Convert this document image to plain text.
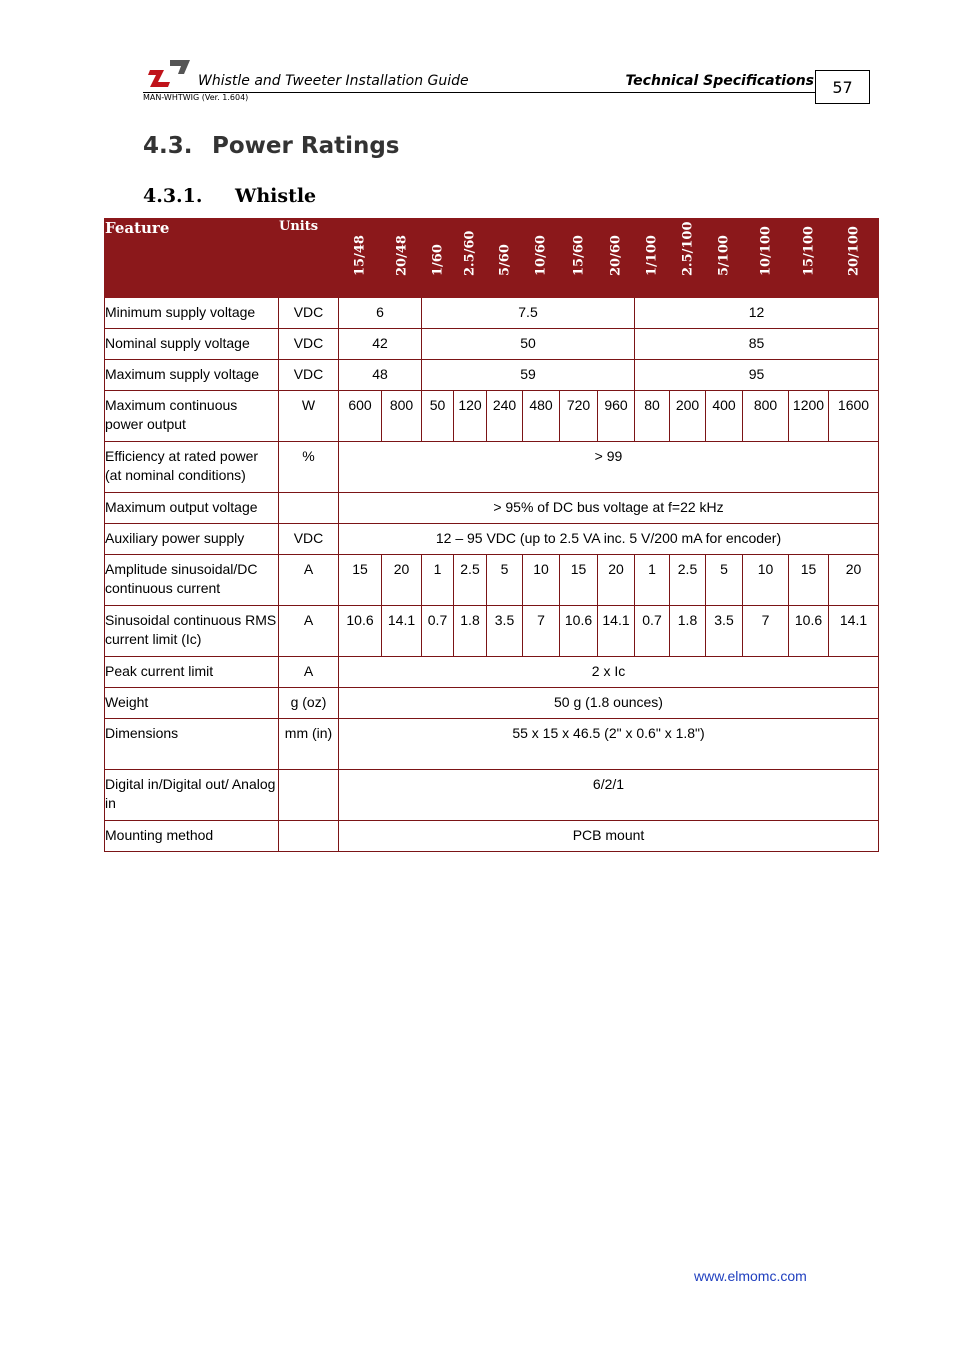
Whistle and Tweeter Installation Guide	Technical Specifications	57
MAN-WHTWIG (Ver. 1.604)
4.3. Power Ratings
4.3.1. Whistle
Feature	Units	15/48	20/48	1/60	2.5/60	5/60	10/60	15/60	20/60	1/100	2.5/100	5/100	10/100	15/100	20/100

Minimum supply voltage	VDC	6		7.5						12					
Nominal supply voltage	VDC	42		50						85					
Maximum supply voltage	VDC	48		59						95					
Maximum continuous power output	W	600	800	50	120	240	480	720	960	80	200	400	800	1200	1600
Efficiency at rated power (at nominal conditions)	%	> 99													
Maximum output voltage		> 95% of DC bus voltage at f=22 kHz													
Auxiliary power supply	VDC	12 – 95 VDC (up to 2.5 VA inc. 5 V/200 mA for encoder)													
Amplitude sinusoidal/DC continuous current	A	15	20	1	2.5	5	10	15	20	1	2.5	5	10	15	20
Sinusoidal continuous RMS current limit (Ic)	A	10.6	14.1	0.7	1.8	3.5	7	10.6	14.1	0.7	1.8	3.5	7	10.6	14.1
Peak current limit	A	2 x Ic													
Weight	g (oz)	50 g (1.8 ounces)													
Dimensions	mm (in)	55 x 15 x 46.5 (2" x 0.6" x 1.8")													
Digital in/Digital out/ Analog in		6/2/1													
Mounting method		PCB mount													
www.elmomc.com
